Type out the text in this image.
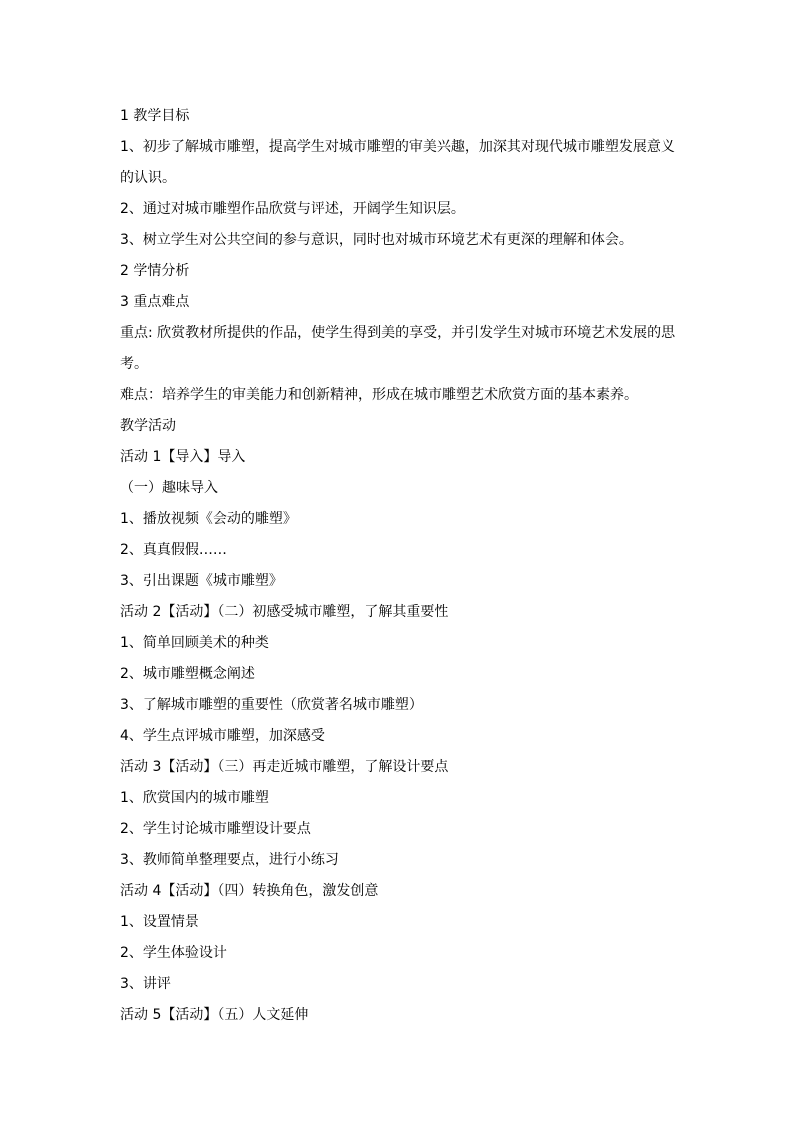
1 教学目标
1、初步了解城市雕塑，提高学生对城市雕塑的审美兴趣，加深其对现代城市雕塑发展意义
的认识。
2、通过对城市雕塑作品欣赏与评述，开阔学生知识层。
3、树立学生对公共空间的参与意识，同时也对城市环境艺术有更深的理解和体会。
2 学情分析
3 重点难点
重点: 欣赏教材所提供的作品，使学生得到美的享受，并引发学生对城市环境艺术发展的思
考。
难点：培养学生的审美能力和创新精神，形成在城市雕塑艺术欣赏方面的基本素养。
教学活动
活动 1【导入】导入
（一）趣味导入
1、播放视频《会动的雕塑》
2、真真假假……
3、引出课题《城市雕塑》
活动 2【活动】（二）初感受城市雕塑，了解其重要性
1、简单回顾美术的种类
2、城市雕塑概念阐述
3、了解城市雕塑的重要性（欣赏著名城市雕塑）
4、学生点评城市雕塑，加深感受
活动 3【活动】（三）再走近城市雕塑，了解设计要点
1、欣赏国内的城市雕塑
2、学生讨论城市雕塑设计要点
3、教师简单整理要点，进行小练习
活动 4【活动】（四）转换角色，激发创意
1、设置情景
2、学生体验设计
3、讲评
活动 5【活动】（五）人文延伸
